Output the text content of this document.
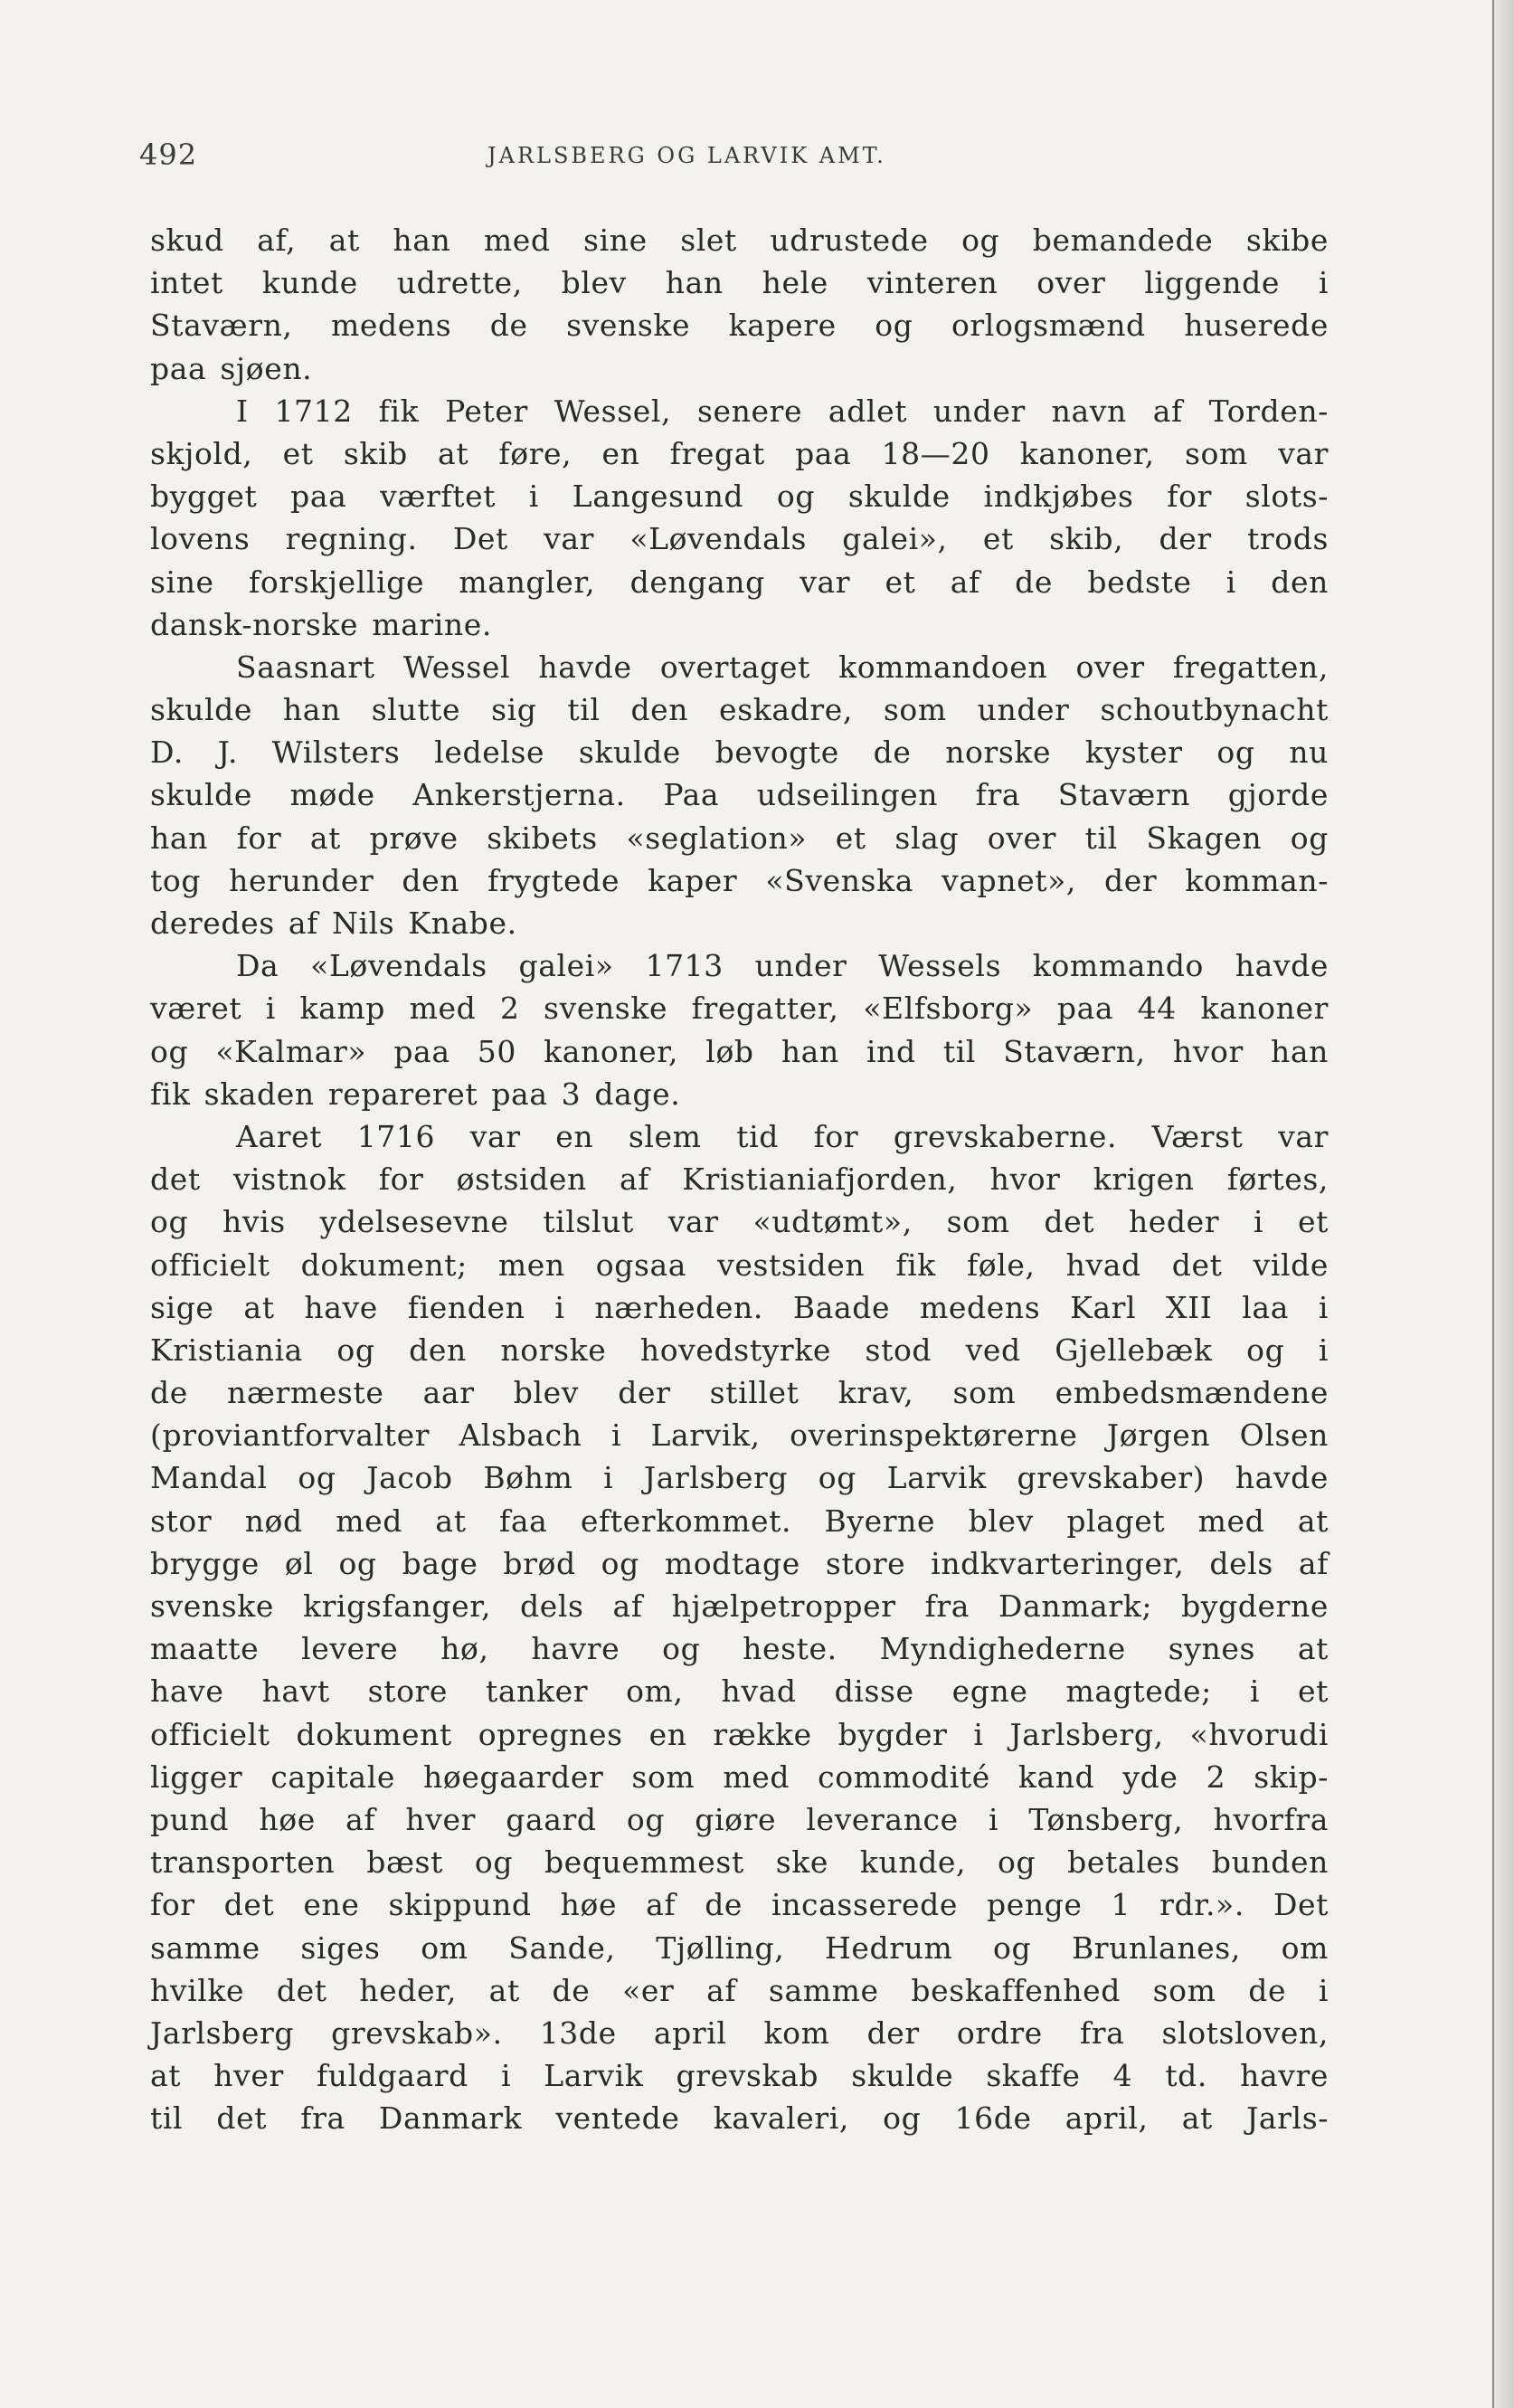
492	JARLSBERG OG LARVIK AMT.
skud af, at han med sine slet udrustede og bemandede skibe
intet kunde udrette, blev han hele vinteren over liggende i
Staværn, medens de svenske kapere og orlogsmænd huserede
paa sjøen.
I 1712 fik Peter Wessel, senere adlet under navn af Torden-
skjold, et skib at føre, en fregat paa 18—20 kanoner, som var
bygget paa værftet i Langesund og skulde indkjøbes for slots-
lovens regning. Det var «Løvendals galei», et skib, der trods
sine forskjellige mangler, dengang var et af de bedste i den
dansk-norske marine.
Saasnart Wessel havde overtaget kommandoen over fregatten,
skulde han slutte sig til den eskadre, som under schoutbynacht
D. J. Wilsters ledelse skulde bevogte de norske kyster og nu
skulde møde Ankerstjerna. Paa udseilingen fra Staværn gjorde
han for at prøve skibets «seglation» et slag over til Skagen og
tog herunder den frygtede kaper «Svenska vapnet», der komman-
deredes af Nils Knabe.
Da «Løvendals galei» 1713 under Wessels kommando havde
været i kamp med 2 svenske fregatter, «Elfsborg» paa 44 kanoner
og «Kalmar» paa 50 kanoner, løb han ind til Staværn, hvor han
fik skaden repareret paa 3 dage.
Aaret 1716 var en slem tid for grevskaberne. Værst var
det vistnok for østsiden af Kristianiafjorden, hvor krigen førtes,
og hvis ydelsesevne tilslut var «udtømt», som det heder i et
officielt dokument; men ogsaa vestsiden fik føle, hvad det vilde
sige at have fienden i nærheden. Baade medens Karl XII laa i
Kristiania og den norske hovedstyrke stod ved Gjellebæk og i
de nærmeste aar blev der stillet krav, som embedsmændene
(proviantforvalter Alsbach i Larvik, overinspektørerne Jørgen Olsen
Mandal og Jacob Bøhm i Jarlsberg og Larvik grevskaber) havde
stor nød med at faa efterkommet. Byerne blev plaget med at
brygge øl og bage brød og modtage store indkvarteringer, dels af
svenske krigsfanger, dels af hjælpetropper fra Danmark; bygderne
maatte levere hø, havre og heste. Myndighederne synes at
have havt store tanker om, hvad disse egne magtede; i et
officielt dokument opregnes en række bygder i Jarlsberg, «hvorudi
ligger capitale høegaarder som med commodité kand yde 2 skip-
pund høe af hver gaard og giøre leverance i Tønsberg, hvorfra
transporten bæst og bequemmest ske kunde, og betales bunden
for det ene skippund høe af de incasserede penge 1 rdr.». Det
samme siges om Sande, Tjølling, Hedrum og Brunlanes, om
hvilke det heder, at de «er af samme beskaffenhed som de i
Jarlsberg grevskab». 13de april kom der ordre fra slotsloven,
at hver fuldgaard i Larvik grevskab skulde skaffe 4 td. havre
til det fra Danmark ventede kavaleri, og 16de april, at Jarls-
